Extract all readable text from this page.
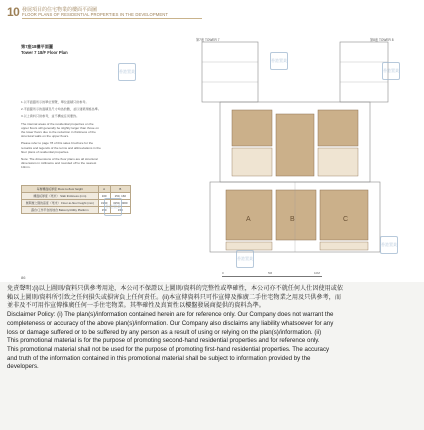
10 發展項目的住宅物業的樓面平面圖
FLOOR PLANS OF RESIDENTIAL PROPERTIES IN THE DEVELOPMENT
第7座18樓平面圖
Tower 7 18/F Floor Plan

1.以平面圖所示的單位預覽，單位面積只供參考。

2.平面圖所示的面積及尺寸均為約數，並以建築規格為準。

3.以上資料只供參考，並不構成任何要約。

The internal areas of the residential properties on the upper floors will generally be slightly larger than those on the lower floors due to the reduction in thickness of the structural walls on the upper floors.

Please refer to page 78 of this sales brochure for the remarks and legends of the terms and abbreviations in the floor plans of residential properties.

Note: The dimensions of the floor plans are all structural dimensions in millimetre and rounded off to the nearest 10mm.

每層樓面板厚度 Floor-to-floor height	A	B
樓面板厚度（毫米） Slab thickness (mm)	160	150, 160
層與層之間的高度（毫米） Floor-to-floor height (mm)	3150	3150, 3300
露台/工作平台的地台 Balcony/Utility Platform	150	150
第7座 TOWER 7	第8座 TOWER 8
A	B	C
香港置業
香港置業
香港置業
香港置業
香港置業
香港置業
0	5M	10M
86
免責聲明:(i)以上圖則/資料只供參考用途，本公司不保證以上圖則/資料的完整性或準確性，本公司亦不就任何人仕因使用或依
賴以上圖則/資料所引致之任何損失或損害負上任何責任。(ii)本宣傳資料只可作宣傳及推廣二手住宅物業之用及只供參考，而
並非及不可用作宣傳推廣任何一手住宅物業。其準確性及真實性以樓盤發展商提供的資料為準。
Disclaimer Policy: (i) The plan(s)/information contained herein are for reference only. Our Company does not warrant the
completeness or accuracy of the above plan(s)/information. Our Company also disclaims any liability whatsoever for any
loss or damage suffered or to be suffered by any person as a result of using or relying on the plan(s)/information. (ii)
This promotional material is for the purpose of promoting second-hand residential properties and for reference only.
This promotional material shall not be used for the purpose of promoting first-hand residential properties. The accuracy
and truth of the information contained in this promotional material shall be subject to information provided by the
developers.
